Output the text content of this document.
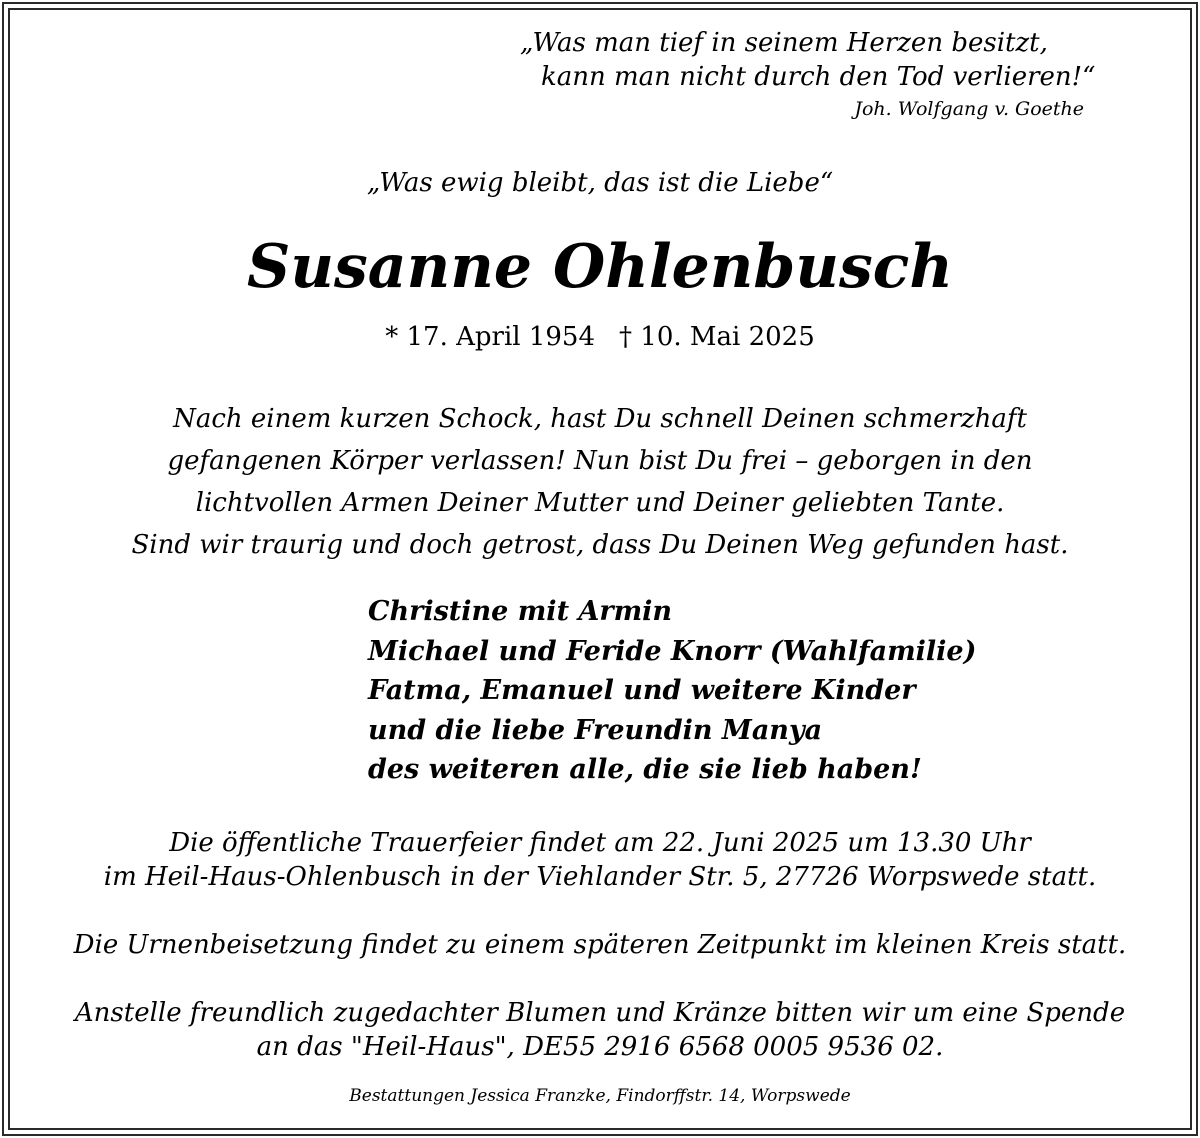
„Was man tief in seinem Herzen besitzt,
kann man nicht durch den Tod verlieren!“
Joh. Wolfgang v. Goethe
„Was ewig bleibt, das ist die Liebe“
Susanne Ohlenbusch
* 17. April 1954 † 10. Mai 2025
Nach einem kurzen Schock, hast Du schnell Deinen schmerzhaft
gefangenen Körper verlassen! Nun bist Du frei – geborgen in den
lichtvollen Armen Deiner Mutter und Deiner geliebten Tante.
Sind wir traurig und doch getrost, dass Du Deinen Weg gefunden hast.
Christine mit Armin
Michael und Feride Knorr (Wahlfamilie)
Fatma, Emanuel und weitere Kinder
und die liebe Freundin Manya
des weiteren alle, die sie lieb haben!
Die öffentliche Trauerfeier findet am 22. Juni 2025 um 13.30 Uhr
im Heil-Haus-Ohlenbusch in der Viehlander Str. 5, 27726 Worpswede statt.
Die Urnenbeisetzung findet zu einem späteren Zeitpunkt im kleinen Kreis statt.
Anstelle freundlich zugedachter Blumen und Kränze bitten wir um eine Spende
an das "Heil-Haus", DE55 2916 6568 0005 9536 02.
Bestattungen Jessica Franzke, Findorffstr. 14, Worpswede
